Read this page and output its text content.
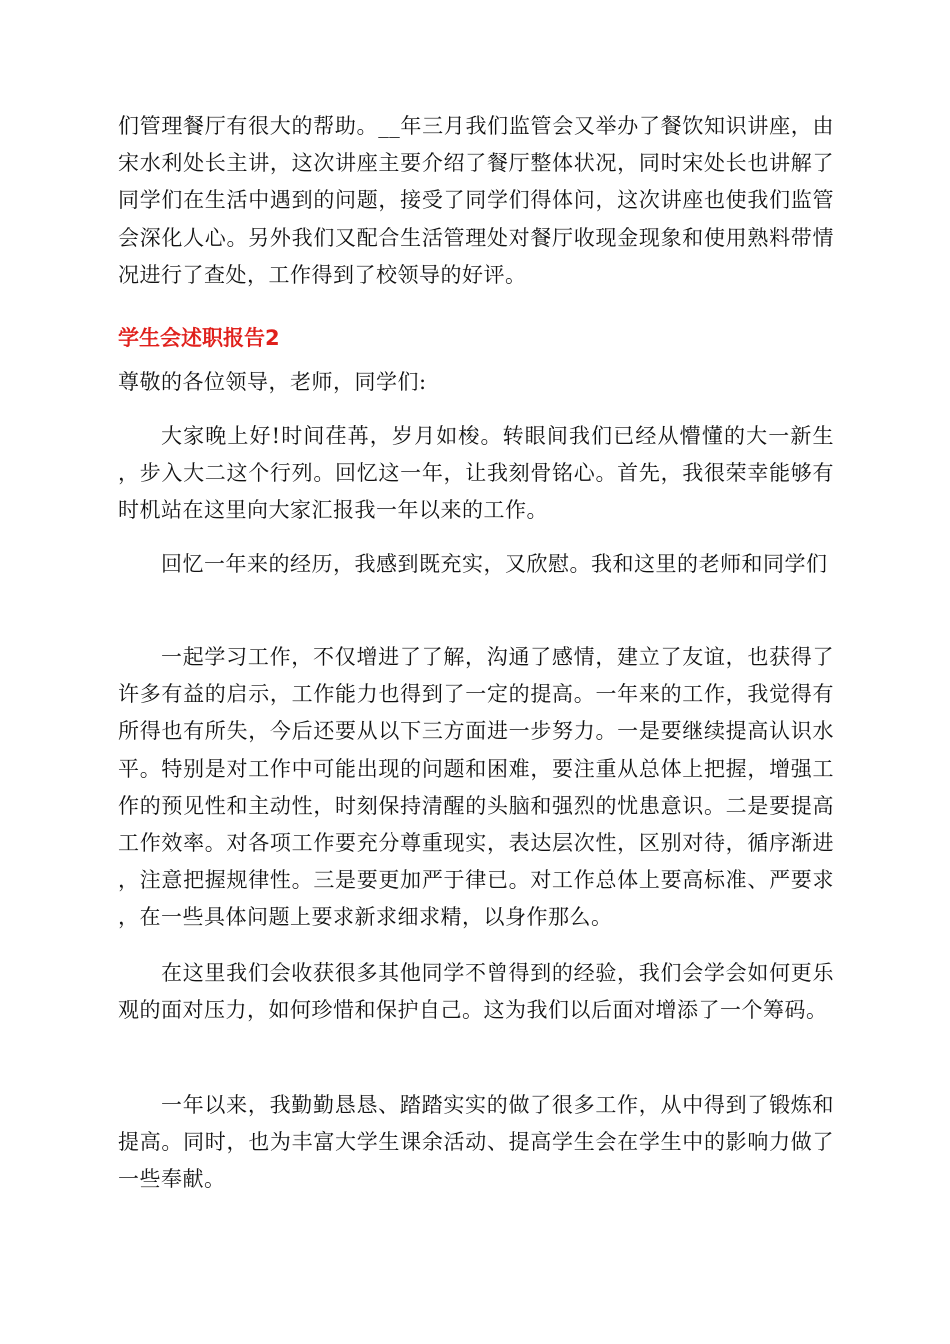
们管理餐厅有很大的帮助。__年三月我们监管会又举办了餐饮知识讲座，由宋水利处长主讲，这次讲座主要介绍了餐厅整体状况，同时宋处长也讲解了同学们在生活中遇到的问题，接受了同学们得体问，这次讲座也使我们监管会深化人心。另外我们又配合生活管理处对餐厅收现金现象和使用熟料带情况进行了查处，工作得到了校领导的好评。

学生会述职报告2

尊敬的各位领导，老师，同学们:

大家晚上好!时间荏苒，岁月如梭。转眼间我们已经从懵懂的大一新生，步入大二这个行列。回忆这一年，让我刻骨铭心。首先，我很荣幸能够有时机站在这里向大家汇报我一年以来的工作。

回忆一年来的经历，我感到既充实，又欣慰。我和这里的老师和同学们

一起学习工作，不仅增进了了解，沟通了感情，建立了友谊，也获得了许多有益的启示，工作能力也得到了一定的提高。一年来的工作，我觉得有所得也有所失，今后还要从以下三方面进一步努力。一是要继续提高认识水平。特别是对工作中可能出现的问题和困难，要注重从总体上把握，增强工作的预见性和主动性，时刻保持清醒的头脑和强烈的忧患意识。二是要提高工作效率。对各项工作要充分尊重现实，表达层次性，区别对待，循序渐进，注意把握规律性。三是要更加严于律已。对工作总体上要高标准、严要求，在一些具体问题上要求新求细求精，以身作那么。

在这里我们会收获很多其他同学不曾得到的经验，我们会学会如何更乐观的面对压力，如何珍惜和保护自己。这为我们以后面对增添了一个筹码。

一年以来，我勤勤恳恳、踏踏实实的做了很多工作，从中得到了锻炼和提高。同时，也为丰富大学生课余活动、提高学生会在学生中的影响力做了一些奉献。
